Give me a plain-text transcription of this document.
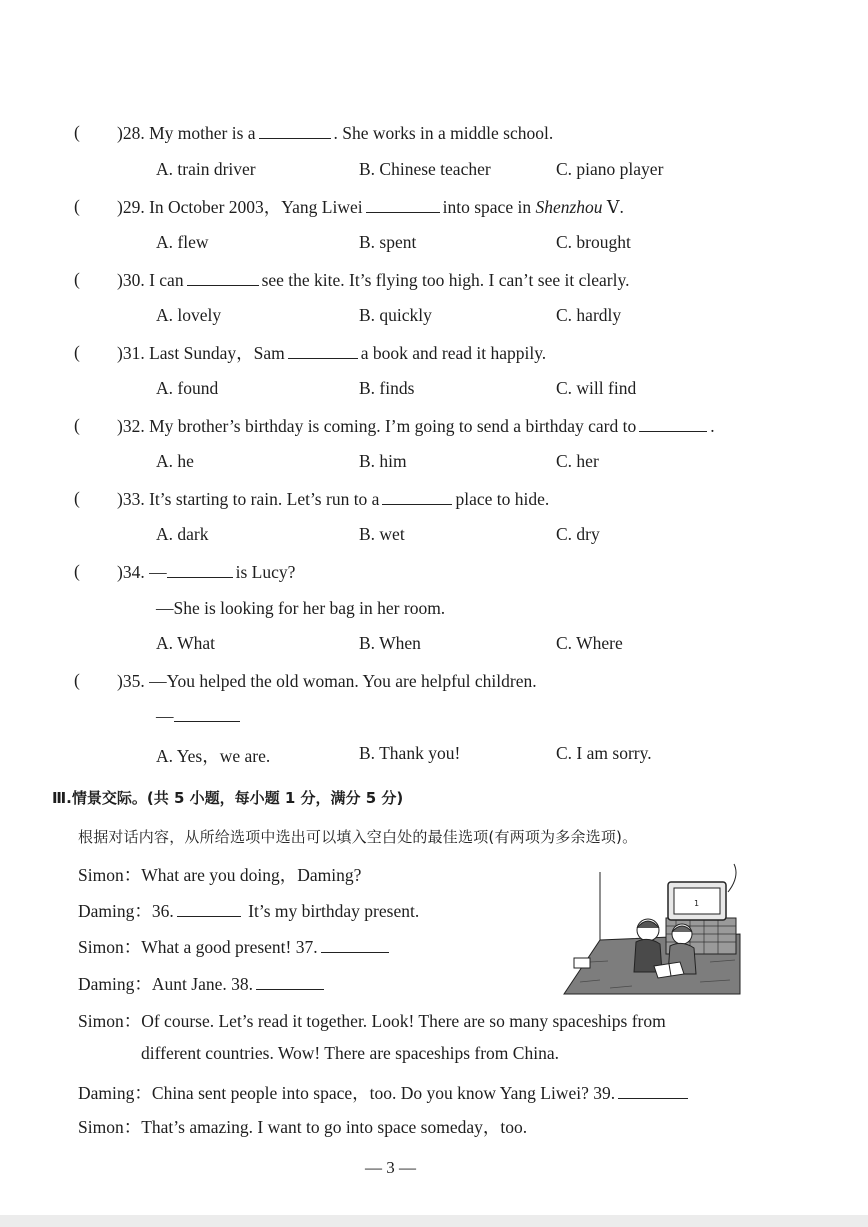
( )28. My mother is a	. She works in a middle school.
A. train driver	B. Chinese teacher	C. piano player
( )29. In October 2003，Yang Liwei	into space in Shenzhou Ⅴ.
A. flew	B. spent	C. brought
( )30. I can	see the kite. It’s flying too high. I can’t see it clearly.
A. lovely	B. quickly	C. hardly
( )31. Last Sunday，Sam	a book and read it happily.
A. found	B. finds	C. will find
( )32. My brother’s birthday is coming. I’m going to send a birthday card to	.
A. he	B. him	C. her
( )33. It’s starting to rain. Let’s run to a	place to hide.
A. dark	B. wet	C. dry
( )34. —	is Lucy?
—She is looking for her bag in her room.
A. What	B. When	C. Where
( )35. —You helped the old woman. You are helpful children.
—
A. Yes，we are.	B. Thank you!	C. I am sorry.
Ⅲ.情景交际。(共 5 小题，每小题 1 分，满分 5 分)
根据对话内容，从所给选项中选出可以填入空白处的最佳选项(有两项为多余选项)。
Simon：What are you doing，Daming?
Daming：36.	It’s my birthday present.
Simon：What a good present! 37.
Daming：Aunt Jane. 38.
Simon：Of course. Let’s read it together. Look! There are so many spaceships from
different countries. Wow! There are spaceships from China.
Daming：China sent people into space，too. Do you know Yang Liwei? 39.
Simon：That’s amazing. I want to go into space someday，too.
1
— 3 —
